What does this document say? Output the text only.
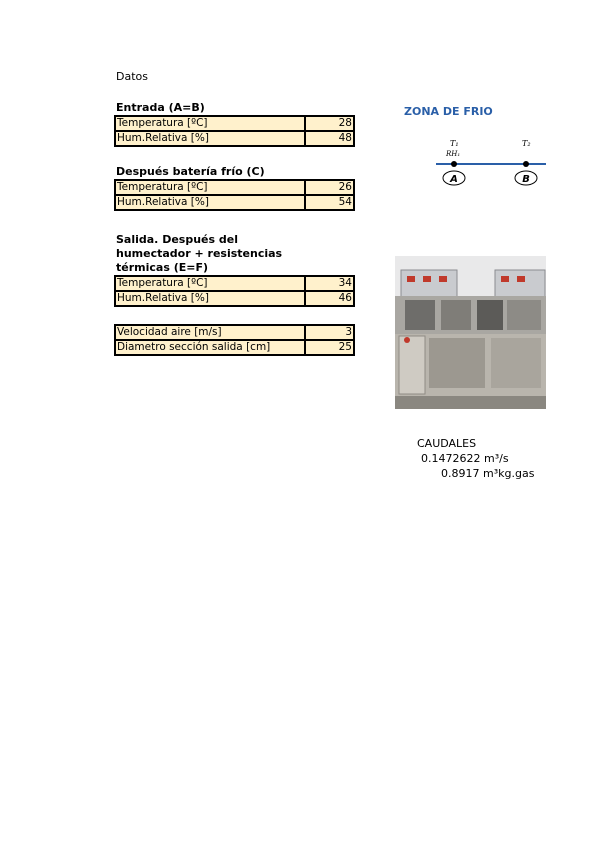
Datos
Entrada (A=B)
Temperatura [ºC]	28
Hum.Relativa [%]	48
Después batería frío (C)
Temperatura [ºC]	26
Hum.Relativa [%]	54
Salida. Después del
humectador + resistencias
térmicas (E=F)
Temperatura [ºC]	34
Hum.Relativa [%]	46
Velocidad aire [m/s]	3
Diametro sección salida [cm]	25
ZONA DE FRIO
T₁
RH₁
T₂
A	B
CAUDALES
0.1472622 m³/s
0.8917 m³kg.gas
